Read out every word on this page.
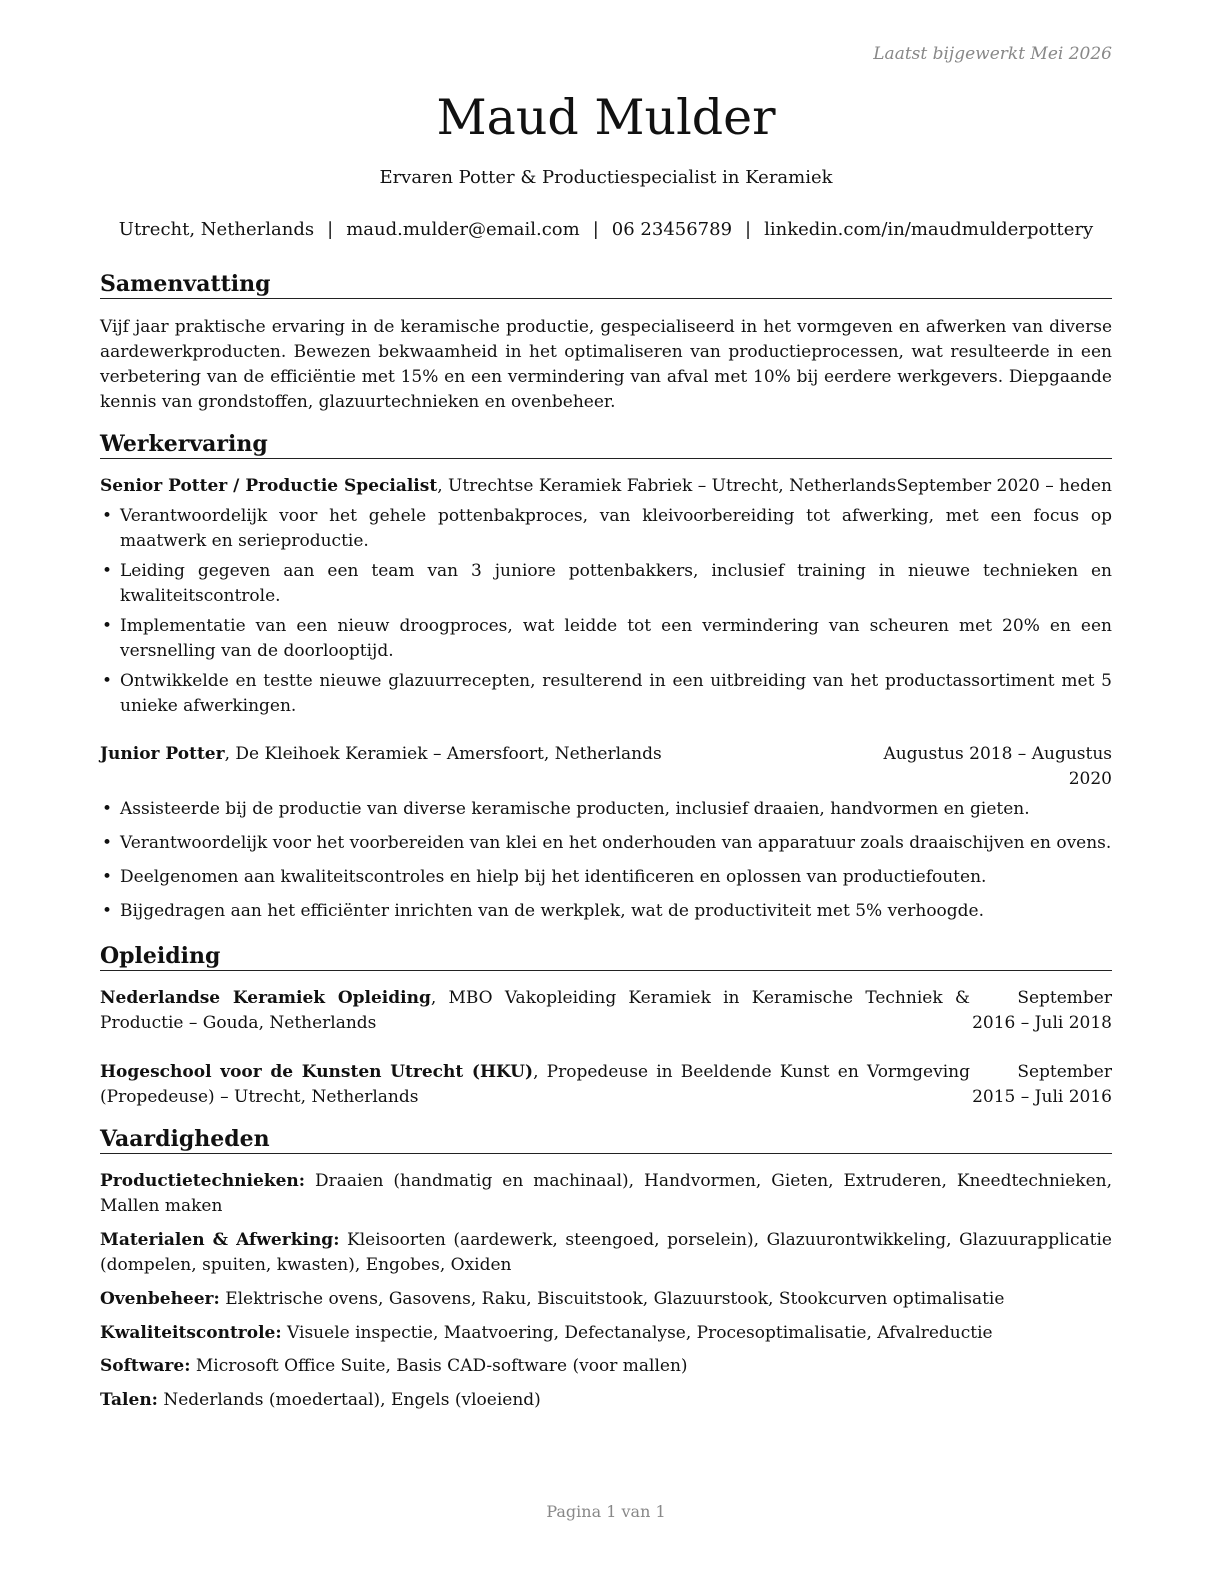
Laatst bijgewerkt Mei 2026
Maud Mulder
Ervaren Potter & Productiespecialist in Keramiek
Utrecht, Netherlands | maud.mulder@email.com | 06 23456789 | linkedin.com/in/maudmulderpottery
Samenvatting
Vijf jaar praktische ervaring in de keramische productie, gespecialiseerd in het vormgeven en afwerken van diverse aardewerkproducten. Bewezen bekwaamheid in het optimaliseren van productieprocessen, wat resulteerde in een verbetering van de efficiëntie met 15% en een vermindering van afval met 10% bij eerdere werkgevers. Diepgaande kennis van grondstoffen, glazuurtechnieken en ovenbeheer.
Werkervaring
Senior Potter / Productie Specialist, Utrechtse Keramiek Fabriek – Utrecht, Netherlands September 2020 – heden
• Verantwoordelijk voor het gehele pottenbakproces, van kleivoorbereiding tot afwerking, met een focus op maatwerk en serieproductie.
• Leiding gegeven aan een team van 3 juniore pottenbakkers, inclusief training in nieuwe technieken en kwaliteitscontrole.
• Implementatie van een nieuw droogproces, wat leidde tot een vermindering van scheuren met 20% en een versnelling van de doorlooptijd.
• Ontwikkelde en testte nieuwe glazuurrecepten, resulterend in een uitbreiding van het productassortiment met 5 unieke afwerkingen.
Junior Potter, De Kleihoek Keramiek – Amersfoort, Netherlands	Augustus 2018 – Augustus 2020
• Assisteerde bij de productie van diverse keramische producten, inclusief draaien, handvormen en gieten.
• Verantwoordelijk voor het voorbereiden van klei en het onderhouden van apparatuur zoals draaischijven en ovens.
• Deelgenomen aan kwaliteitscontroles en hielp bij het identificeren en oplossen van productiefouten.
• Bijgedragen aan het efficiënter inrichten van de werkplek, wat de productiviteit met 5% verhoogde.
Opleiding
Nederlandse Keramiek Opleiding, MBO Vakopleiding Keramiek in Keramische Techniek & Productie – Gouda, Netherlands
September 2016 – Juli 2018
Hogeschool voor de Kunsten Utrecht (HKU), Propedeuse in Beeldende Kunst en Vormgeving (Propedeuse) – Utrecht, Netherlands
September 2015 – Juli 2016
Vaardigheden
Productietechnieken: Draaien (handmatig en machinaal), Handvormen, Gieten, Extruderen, Kneedtechnieken, Mallen maken
Materialen & Afwerking: Kleisoorten (aardewerk, steengoed, porselein), Glazuurontwikkeling, Glazuurapplicatie (dompelen, spuiten, kwasten), Engobes, Oxiden
Ovenbeheer: Elektrische ovens, Gasovens, Raku, Biscuitstook, Glazuurstook, Stookcurven optimalisatie
Kwaliteitscontrole: Visuele inspectie, Maatvoering, Defectanalyse, Procesoptimalisatie, Afvalreductie
Software: Microsoft Office Suite, Basis CAD-software (voor mallen)
Talen: Nederlands (moedertaal), Engels (vloeiend)
Pagina 1 van 1
